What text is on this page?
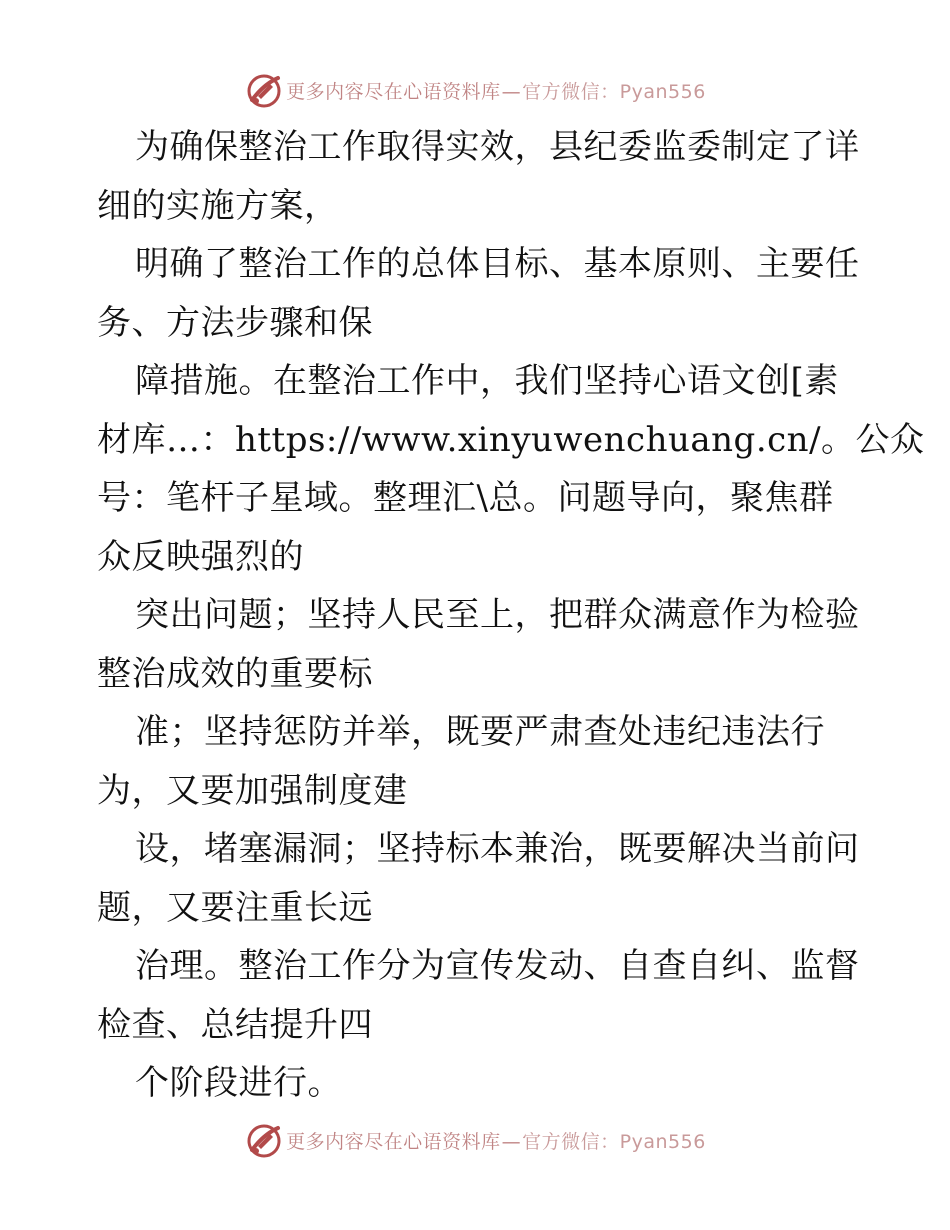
更多内容尽在心语资料库—官方微信：Pyan556
为确保整治工作取得实效，县纪委监委制定了详
细的实施方案，
明确了整治工作的总体目标、基本原则、主要任
务、方法步骤和保
障措施。在整治工作中，我们坚持心语文创[素
材库…：https://www.xinyuwenchuang.cn/。公众
号：笔杆子星域。整理汇\总。问题导向，聚焦群
众反映强烈的
突出问题；坚持人民至上，把群众满意作为检验
整治成效的重要标
准；坚持惩防并举，既要严肃查处违纪违法行
为，又要加强制度建
设，堵塞漏洞；坚持标本兼治，既要解决当前问
题，又要注重长远
治理。整治工作分为宣传发动、自查自纠、监督
检查、总结提升四
个阶段进行。
更多内容尽在心语资料库—官方微信：Pyan556
